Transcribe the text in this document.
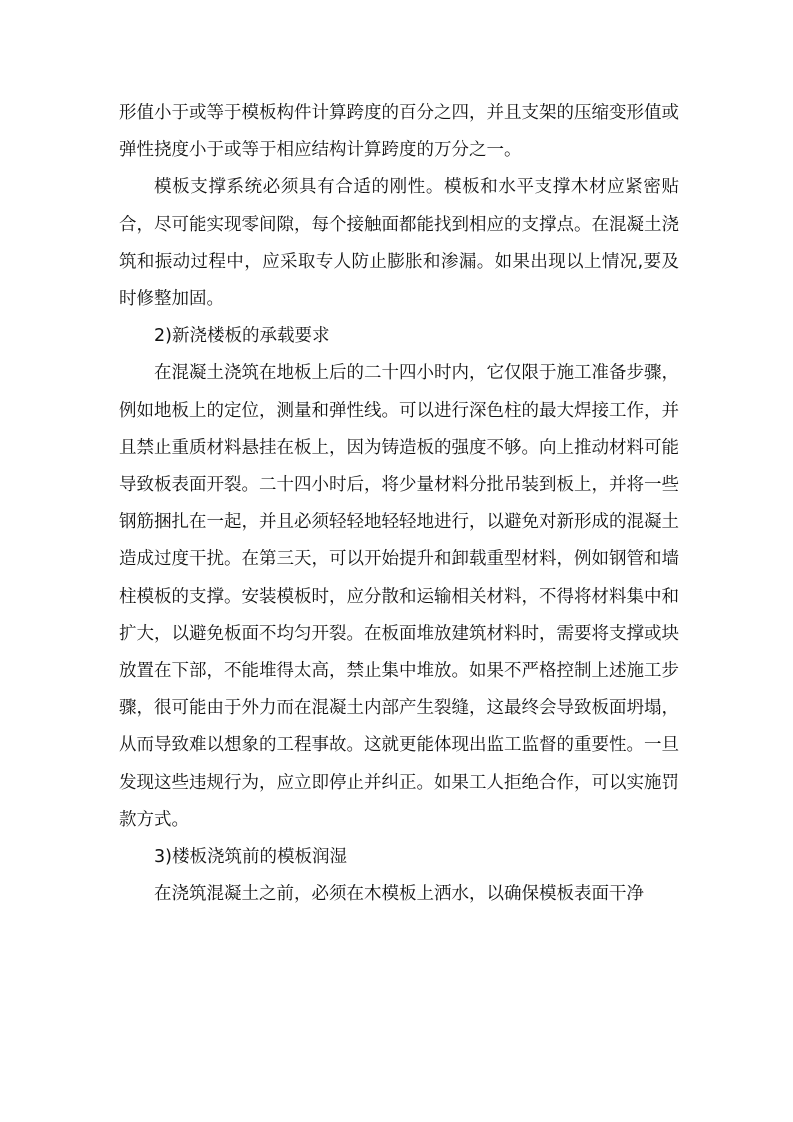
形值小于或等于模板构件计算跨度的百分之四，并且支架的压缩变形值或弹性挠度小于或等于相应结构计算跨度的万分之一。

模板支撑系统必须具有合适的刚性。模板和水平支撑木材应紧密贴合，尽可能实现零间隙，每个接触面都能找到相应的支撑点。在混凝土浇筑和振动过程中，应采取专人防止膨胀和渗漏。如果出现以上情况,要及时修整加固。

2)新浇楼板的承载要求

在混凝土浇筑在地板上后的二十四小时内，它仅限于施工准备步骤，例如地板上的定位，测量和弹性线。可以进行深色柱的最大焊接工作，并且禁止重质材料悬挂在板上，因为铸造板的强度不够。向上推动材料可能导致板表面开裂。二十四小时后，将少量材料分批吊装到板上，并将一些钢筋捆扎在一起，并且必须轻轻地轻轻地进行，以避免对新形成的混凝土造成过度干扰。在第三天，可以开始提升和卸载重型材料，例如钢管和墙柱模板的支撑。安装模板时，应分散和运输相关材料，不得将材料集中和扩大，以避免板面不均匀开裂。在板面堆放建筑材料时，需要将支撑或块放置在下部，不能堆得太高，禁止集中堆放。如果不严格控制上述施工步骤，很可能由于外力而在混凝土内部产生裂缝，这最终会导致板面坍塌，从而导致难以想象的工程事故。这就更能体现出监工监督的重要性。一旦发现这些违规行为，应立即停止并纠正。如果工人拒绝合作，可以实施罚款方式。

3)楼板浇筑前的模板润湿

在浇筑混凝土之前，必须在木模板上洒水，以确保模板表面干净
